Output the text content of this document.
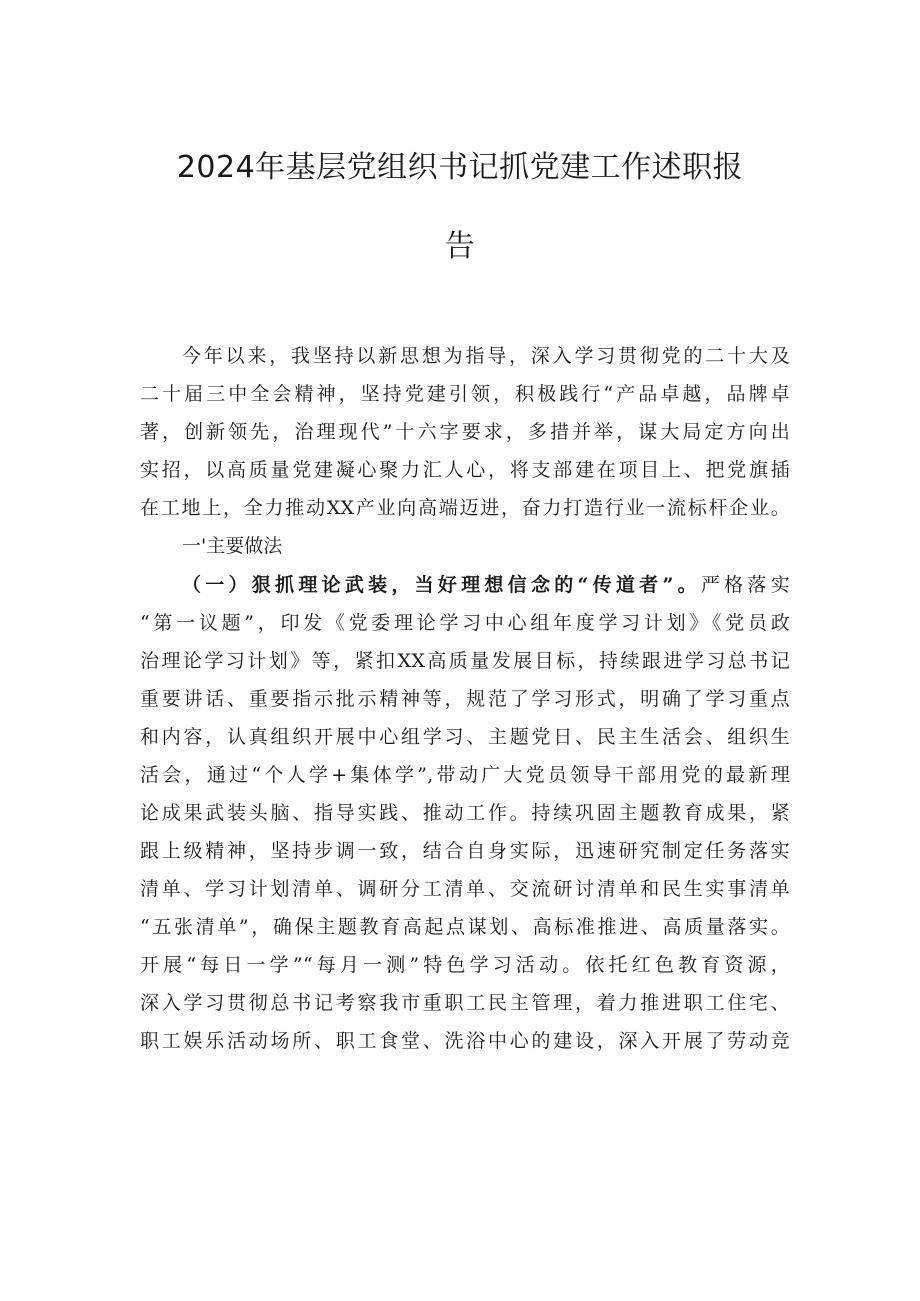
2024年基层党组织书记抓党建工作述职报
告
今年以来，我坚持以新思想为指导，深入学习贯彻党的二十大及
二十届三中全会精神，坚持党建引领，积极践行“产品卓越，品牌卓
著，创新领先，治理现代”十六字要求，多措并举，谋大局定方向出
实招，以高质量党建凝心聚力汇人心，将支部建在项目上、把党旗插
在工地上，全力推动XX产业向高端迈进，奋力打造行业一流标杆企业。
一'主要做法
（一）狠抓理论武装，当好理想信念的“传道者”。严格落实
“第一议题”，印发《党委理论学习中心组年度学习计划》《党员政
治理论学习计划》等，紧扣XX高质量发展目标，持续跟进学习总书记
重要讲话、重要指示批示精神等，规范了学习形式，明确了学习重点
和内容，认真组织开展中心组学习、主题党日、民主生活会、组织生
活会，通过“个人学+集体学”,带动广大党员领导干部用党的最新理
论成果武装头脑、指导实践、推动工作。持续巩固主题教育成果，紧
跟上级精神，坚持步调一致，结合自身实际，迅速研究制定任务落实
清单、学习计划清单、调研分工清单、交流研讨清单和民生实事清单
“五张清单”，确保主题教育高起点谋划、高标准推进、高质量落实。
开展“每日一学”“每月一测”特色学习活动。依托红色教育资源，
深入学习贯彻总书记考察我市重职工民主管理，着力推进职工住宅、
职工娱乐活动场所、职工食堂、洗浴中心的建设，深入开展了劳动竞
